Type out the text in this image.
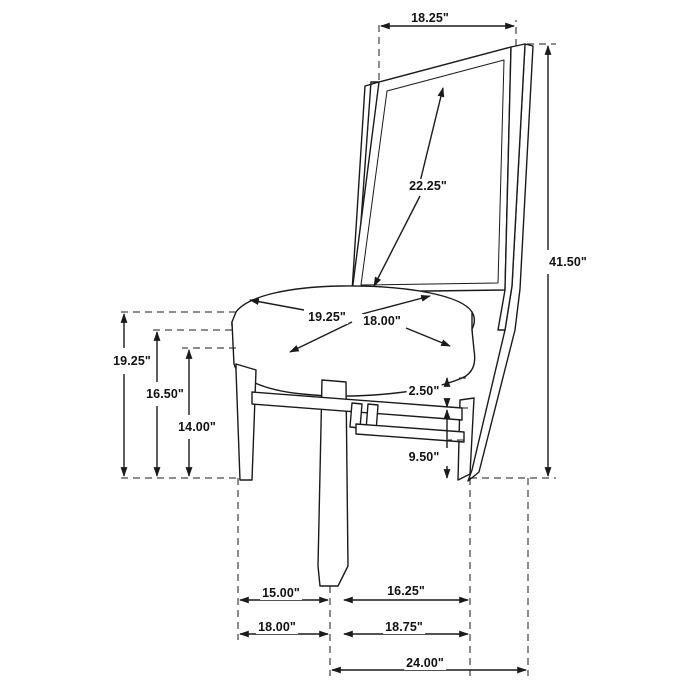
18.25"
22.25"
41.50"
19.25" 18.00"
19.25"
16.50"
14.00"
2.50"
9.50"
15.00"	16.25"
18.00"	18.75"
24.00"
